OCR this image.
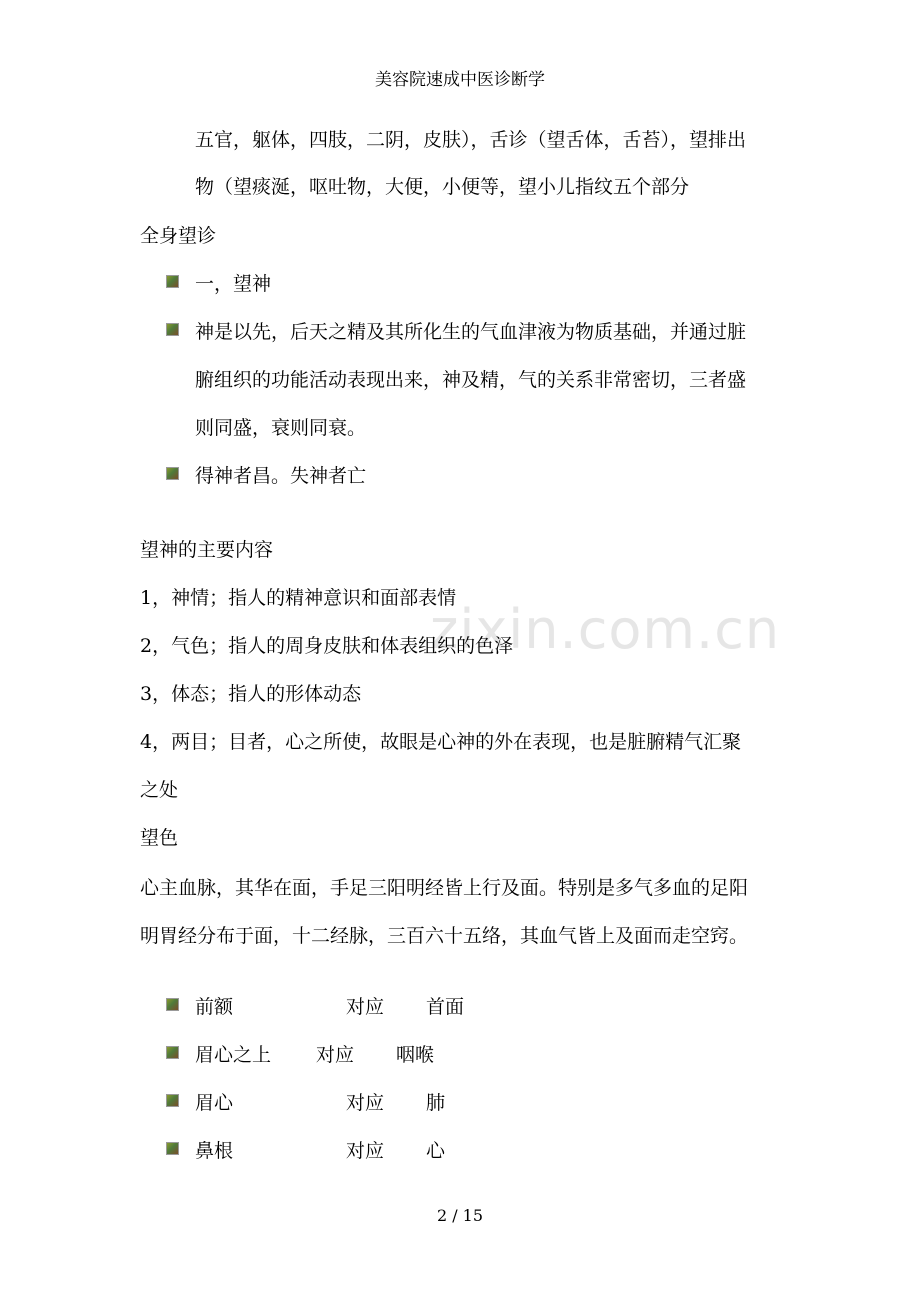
美容院速成中医诊断学
五官，躯体，四肢，二阴，皮肤），舌诊（望舌体，舌苔），望排出
物（望痰涎，呕吐物，大便，小便等，望小儿指纹五个部分
全身望诊
一，望神
神是以先，后天之精及其所化生的气血津液为物质基础，并通过脏
腑组织的功能活动表现出来，神及精，气的关系非常密切，三者盛
则同盛，衰则同衰。
得神者昌。失神者亡
zixin.com.cn
望神的主要内容
1，神情；指人的精神意识和面部表情
2，气色；指人的周身皮肤和体表组织的色泽
3，体态；指人的形体动态
4，两目；目者，心之所使，故眼是心神的外在表现，也是脏腑精气汇聚
之处
望色
心主血脉，其华在面，手足三阳明经皆上行及面。特别是多气多血的足阳
明胃经分布于面，十二经脉，三百六十五络，其血气皆上及面而走空窍。
前额	对应 首面
眉心之上 对应 咽喉
眉心	对应 肺
鼻根	对应 心
2 / 15
